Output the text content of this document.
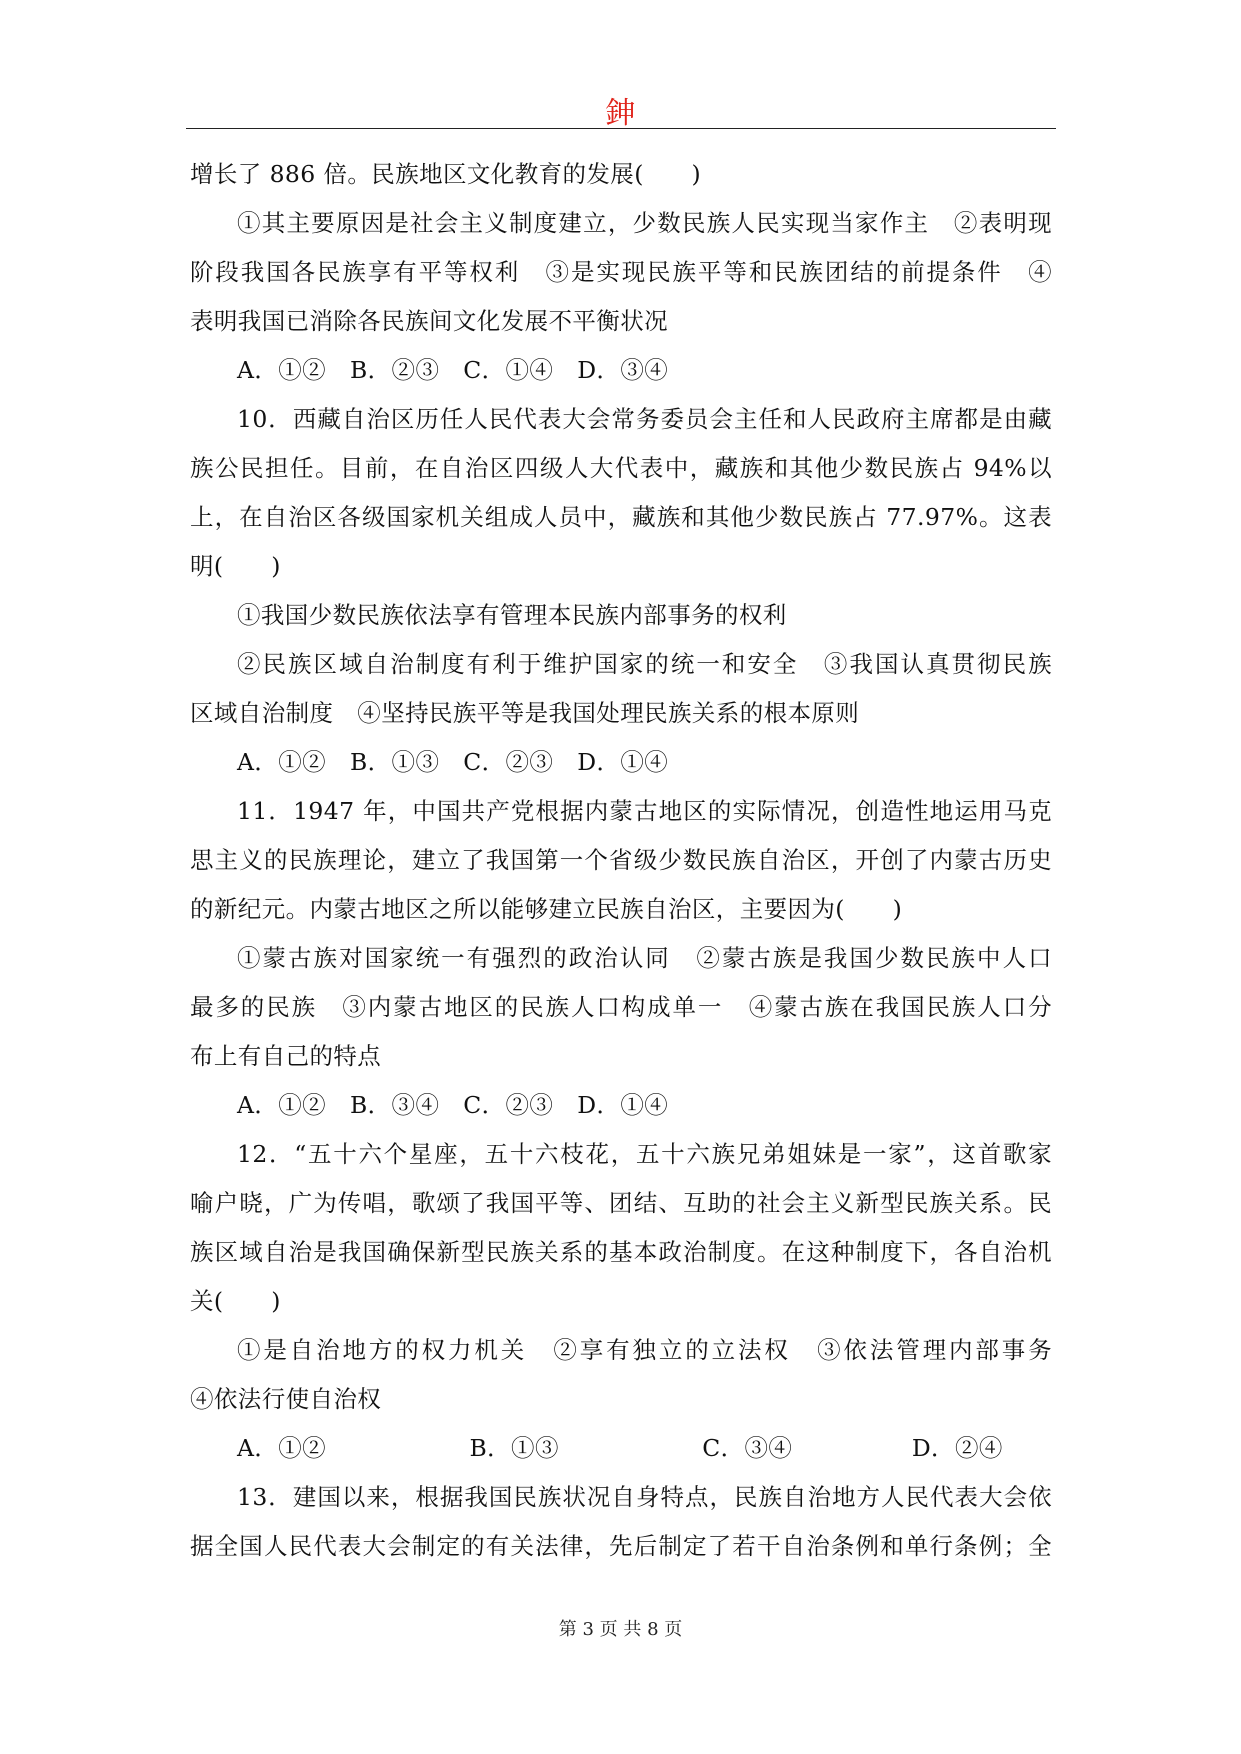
鉮
增长了 886 倍。民族地区文化教育的发展(　　)
①其主要原因是社会主义制度建立，少数民族人民实现当家作主　②表明现
阶段我国各民族享有平等权利　③是实现民族平等和民族团结的前提条件　④
表明我国已消除各民族间文化发展不平衡状况
A．①②　B．②③　C．①④　D．③④
10．西藏自治区历任人民代表大会常务委员会主任和人民政府主席都是由藏
族公民担任。目前，在自治区四级人大代表中，藏族和其他少数民族占 94%以
上，在自治区各级国家机关组成人员中，藏族和其他少数民族占 77.97%。这表
明(　　)
①我国少数民族依法享有管理本民族内部事务的权利
②民族区域自治制度有利于维护国家的统一和安全　③我国认真贯彻民族
区域自治制度　④坚持民族平等是我国处理民族关系的根本原则
A．①②　B．①③　C．②③　D．①④
11．1947 年，中国共产党根据内蒙古地区的实际情况，创造性地运用马克
思主义的民族理论，建立了我国第一个省级少数民族自治区，开创了内蒙古历史
的新纪元。内蒙古地区之所以能够建立民族自治区，主要因为(　　)
①蒙古族对国家统一有强烈的政治认同　②蒙古族是我国少数民族中人口
最多的民族　③内蒙古地区的民族人口构成单一　④蒙古族在我国民族人口分
布上有自己的特点
A．①②　B．③④　C．②③　D．①④
12．“五十六个星座，五十六枝花，五十六族兄弟姐妹是一家”，这首歌家
喻户晓，广为传唱，歌颂了我国平等、团结、互助的社会主义新型民族关系。民
族区域自治是我国确保新型民族关系的基本政治制度。在这种制度下，各自治机
关(　　)
①是自治地方的权力机关　②享有独立的立法权　③依法管理内部事务
④依法行使自治权
A．①②　　　　　　B．①③　　　　　　C．③④　　　　　D．②④
13．建国以来，根据我国民族状况自身特点，民族自治地方人民代表大会依
据全国人民代表大会制定的有关法律，先后制定了若干自治条例和单行条例；全
第 3 页 共 8 页
